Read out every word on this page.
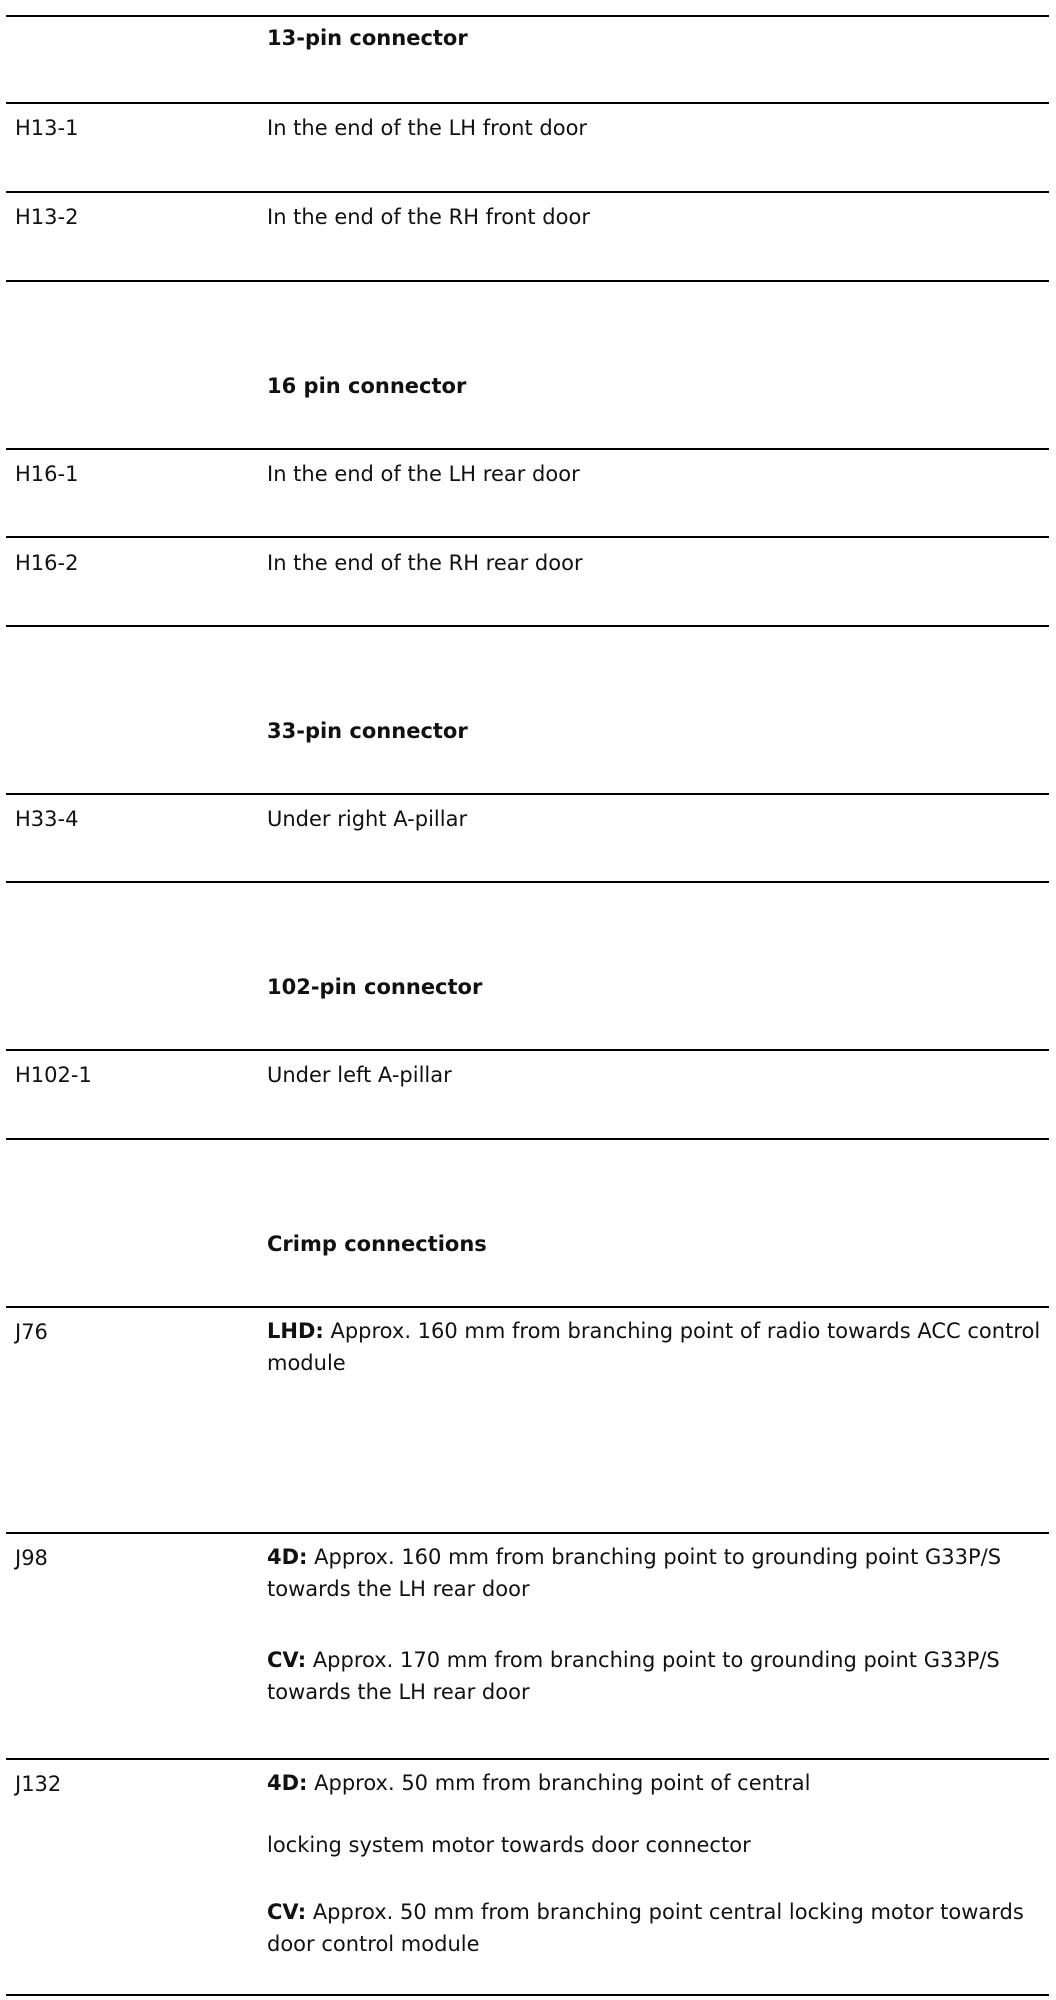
13-pin connector
H13-1	In the end of the LH front door
H13-2	In the end of the RH front door
16 pin connector
H16-1	In the end of the LH rear door
H16-2	In the end of the RH rear door
33-pin connector
H33-4	Under right A-pillar
102-pin connector
H102-1	Under left A-pillar
Crimp connections
J76	LHD: Approx. 160 mm from branching point of radio towards ACC control module
J98	4D: Approx. 160 mm from branching point to grounding point G33P/S towards the LH rear door
CV: Approx. 170 mm from branching point to grounding point G33P/S towards the LH rear door
J132	4D: Approx. 50 mm from branching point of central
locking system motor towards door connector
CV: Approx. 50 mm from branching point central locking motor towards door control module
